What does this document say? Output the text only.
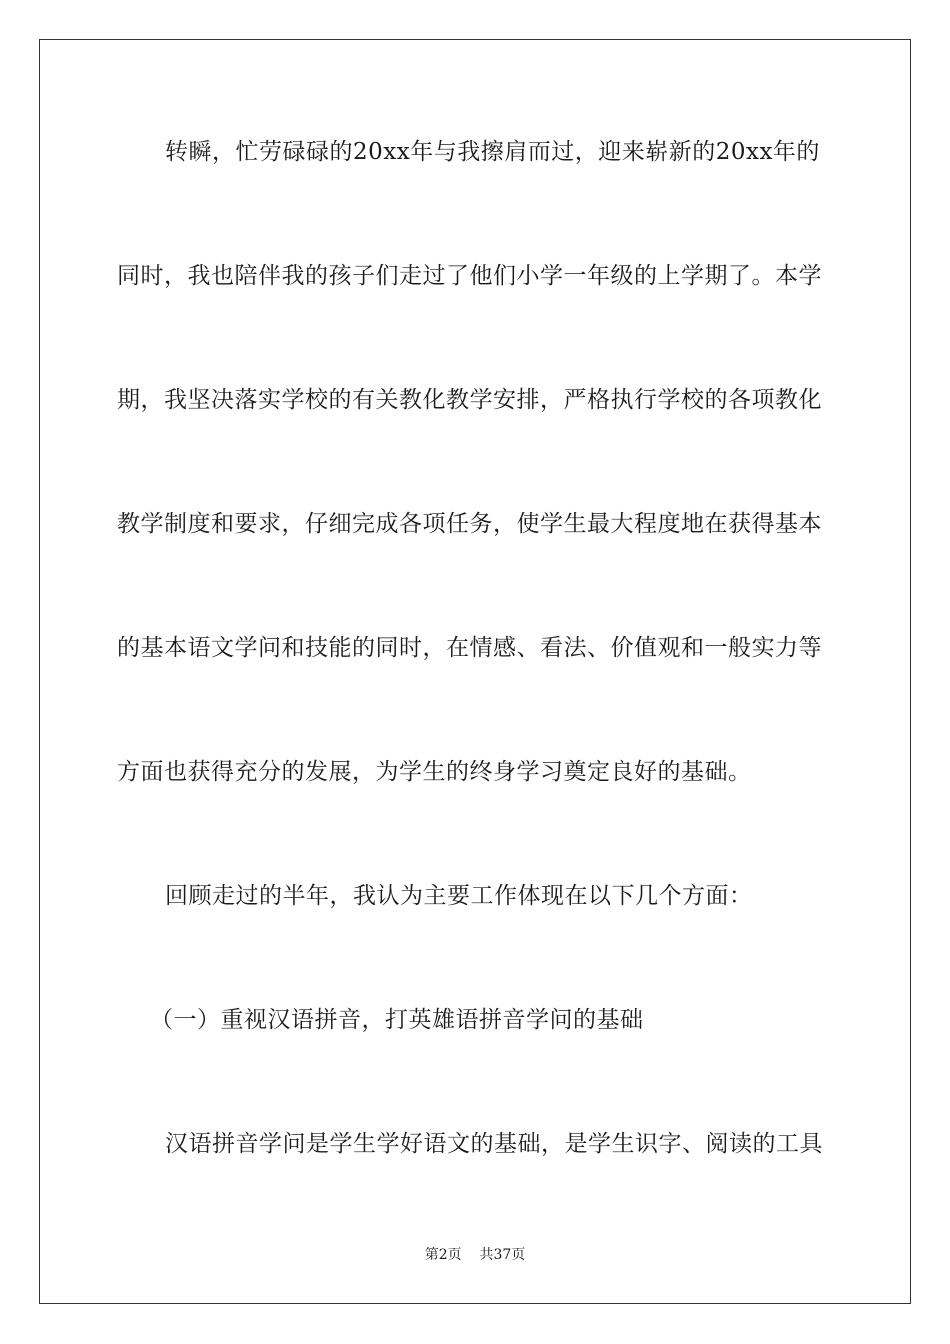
转瞬，忙劳碌碌的20xx年与我擦肩而过，迎来崭新的20xx年的
同时，我也陪伴我的孩子们走过了他们小学一年级的上学期了。本学
期，我坚决落实学校的有关教化教学安排，严格执行学校的各项教化
教学制度和要求，仔细完成各项任务，使学生最大程度地在获得基本
的基本语文学问和技能的同时，在情感、看法、价值观和一般实力等
方面也获得充分的发展，为学生的终身学习奠定良好的基础。
回顾走过的半年，我认为主要工作体现在以下几个方面：
（一）重视汉语拼音，打英雄语拼音学问的基础
汉语拼音学问是学生学好语文的基础，是学生识字、阅读的工具
第2页    共37页
